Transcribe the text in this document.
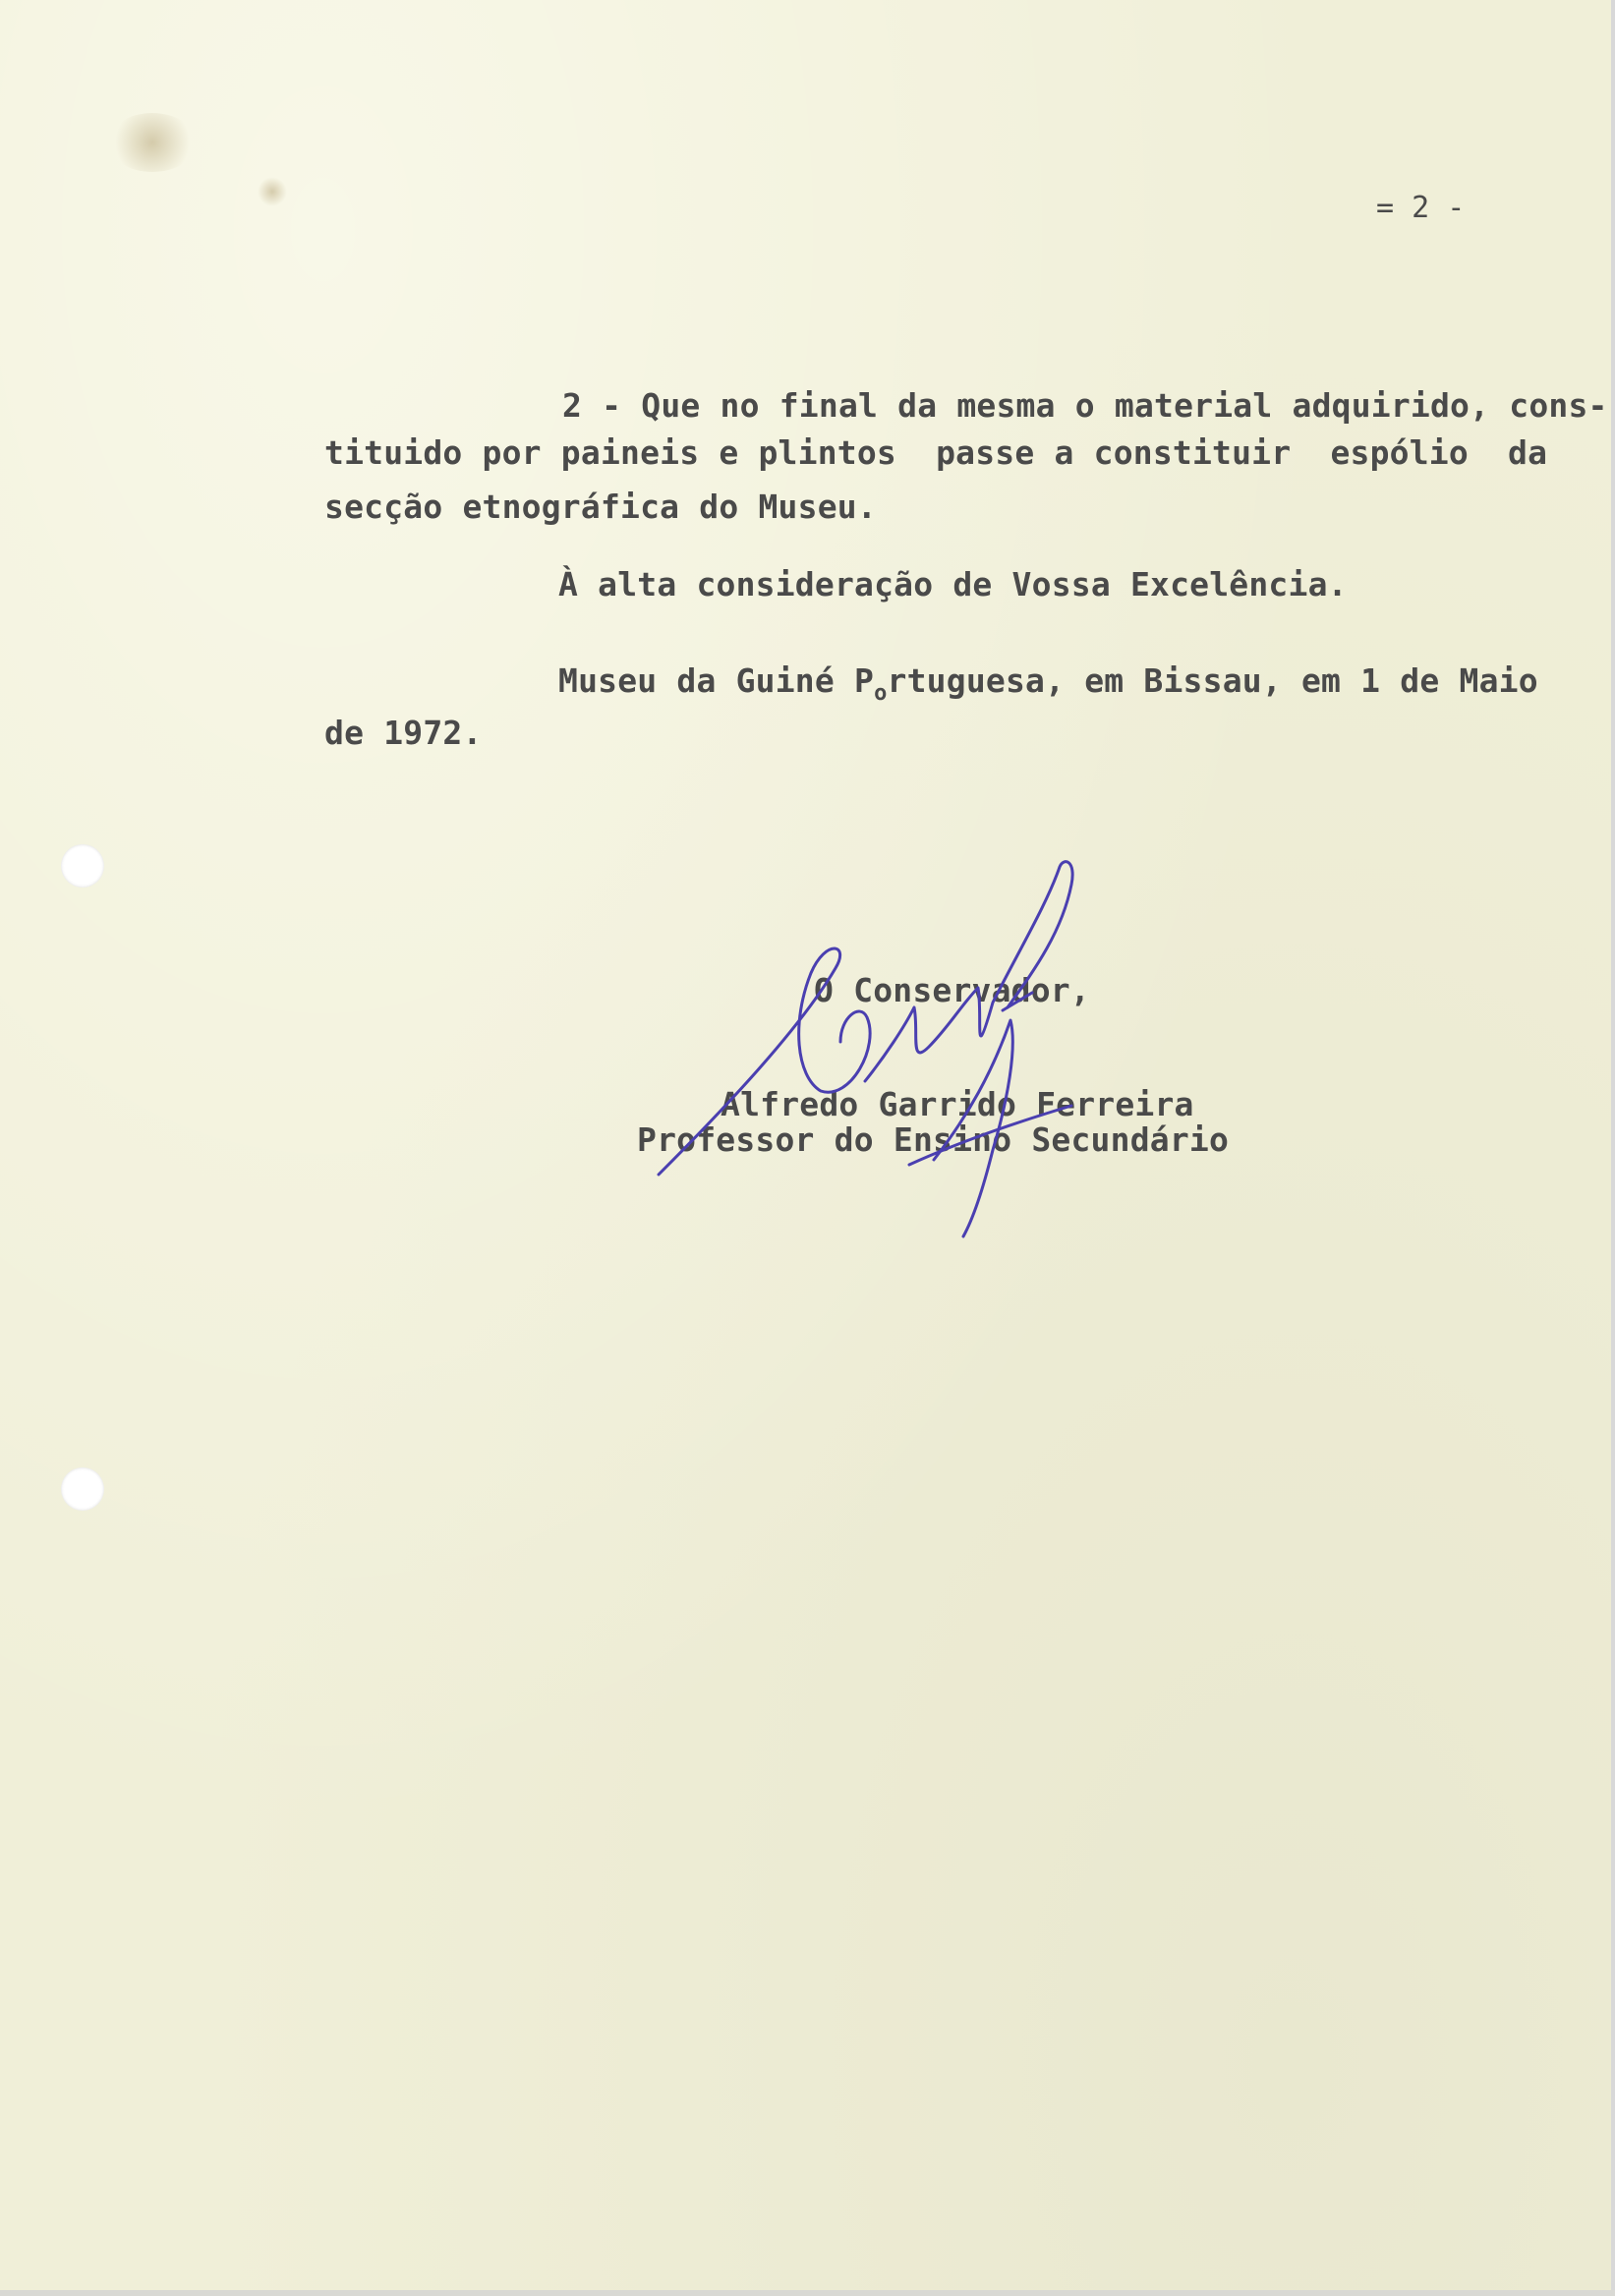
= 2 -

2 - Que no final da mesma o material adquirido, cons-

tituido por paineis e plintos  passe a constituir  espólio  da

secção etnográfica do Museu.

À alta consideração de Vossa Excelência.

Museu da Guiné $P_ortuguesa$, em Bissau, em 1 de Maio

de 1972.

O Conservador,

Alfredo Garrido Ferreira

Professor do Ensino Secundário
